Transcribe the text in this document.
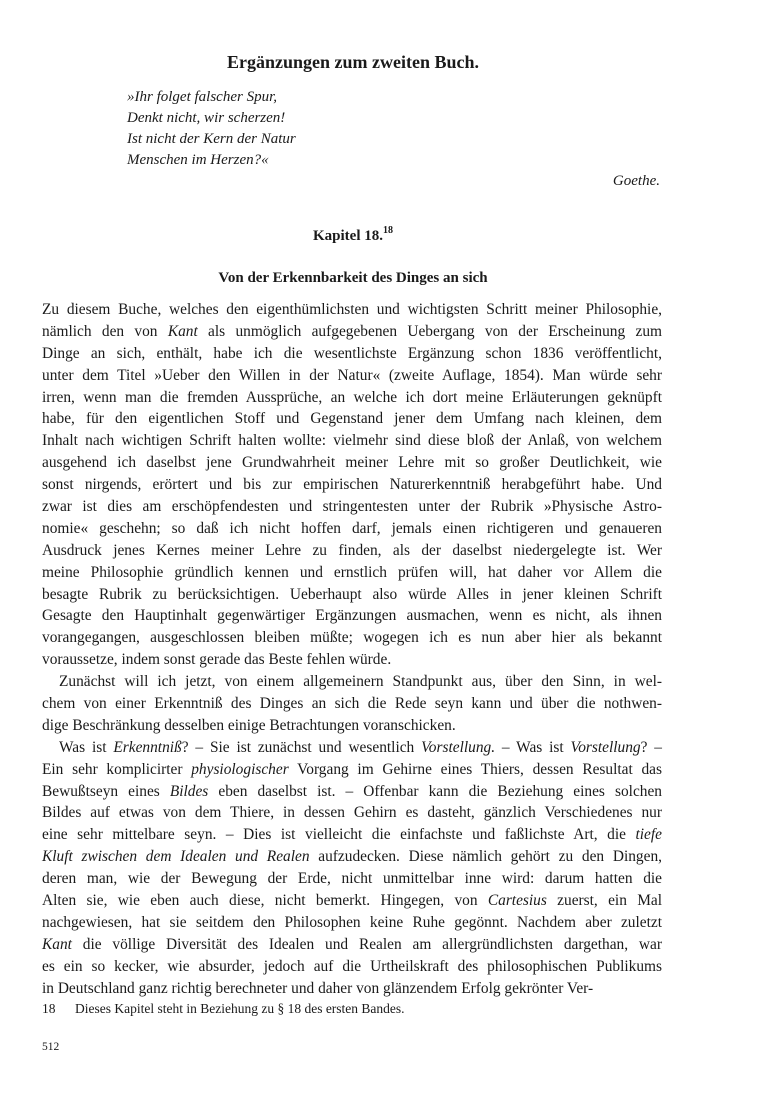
Ergänzungen zum zweiten Buch.
»Ihr folget falscher Spur,
Denkt nicht, wir scherzen!
Ist nicht der Kern der Natur
Menschen im Herzen?«
Goethe.
Kapitel 18.18
Von der Erkennbarkeit des Dinges an sich
Zu diesem Buche, welches den eigenthümlichsten und wichtigsten Schritt meiner Philosophie,
nämlich den von Kant als unmöglich aufgegebenen Uebergang von der Erscheinung zum
Dinge an sich, enthält, habe ich die wesentlichste Ergänzung schon 1836 veröffentlicht,
unter dem Titel »Ueber den Willen in der Natur« (zweite Auflage, 1854). Man würde sehr
irren, wenn man die fremden Aussprüche, an welche ich dort meine Erläuterungen geknüpft
habe, für den eigentlichen Stoff und Gegenstand jener dem Umfang nach kleinen, dem
Inhalt nach wichtigen Schrift halten wollte: vielmehr sind diese bloß der Anlaß, von welchem
ausgehend ich daselbst jene Grundwahrheit meiner Lehre mit so großer Deutlichkeit, wie
sonst nirgends, erörtert und bis zur empirischen Naturerkenntniß herabgeführt habe. Und
zwar ist dies am erschöpfendesten und stringentesten unter der Rubrik »Physische Astro-
nomie« geschehn; so daß ich nicht hoffen darf, jemals einen richtigeren und genaueren
Ausdruck jenes Kernes meiner Lehre zu finden, als der daselbst niedergelegte ist. Wer
meine Philosophie gründlich kennen und ernstlich prüfen will, hat daher vor Allem die
besagte Rubrik zu berücksichtigen. Ueberhaupt also würde Alles in jener kleinen Schrift
Gesagte den Hauptinhalt gegenwärtiger Ergänzungen ausmachen, wenn es nicht, als ihnen
vorangegangen, ausgeschlossen bleiben müßte; wogegen ich es nun aber hier als bekannt
voraussetze, indem sonst gerade das Beste fehlen würde.
Zunächst will ich jetzt, von einem allgemeinern Standpunkt aus, über den Sinn, in wel-
chem von einer Erkenntniß des Dinges an sich die Rede seyn kann und über die nothwen-
dige Beschränkung desselben einige Betrachtungen voranschicken.
Was ist Erkenntniß? – Sie ist zunächst und wesentlich Vorstellung. – Was ist Vorstellung? –
Ein sehr komplicirter physiologischer Vorgang im Gehirne eines Thiers, dessen Resultat das
Bewußtseyn eines Bildes eben daselbst ist. – Offenbar kann die Beziehung eines solchen
Bildes auf etwas von dem Thiere, in dessen Gehirn es dasteht, gänzlich Verschiedenes nur
eine sehr mittelbare seyn. – Dies ist vielleicht die einfachste und faßlichste Art, die tiefe
Kluft zwischen dem Idealen und Realen aufzudecken. Diese nämlich gehört zu den Dingen,
deren man, wie der Bewegung der Erde, nicht unmittelbar inne wird: darum hatten die
Alten sie, wie eben auch diese, nicht bemerkt. Hingegen, von Cartesius zuerst, ein Mal
nachgewiesen, hat sie seitdem den Philosophen keine Ruhe gegönnt. Nachdem aber zuletzt
Kant die völlige Diversität des Idealen und Realen am allergründlichsten dargethan, war
es ein so kecker, wie absurder, jedoch auf die Urtheilskraft des philosophischen Publikums
in Deutschland ganz richtig berechneter und daher von glänzendem Erfolg gekrönter Ver-
18 Dieses Kapitel steht in Beziehung zu § 18 des ersten Bandes.
512
